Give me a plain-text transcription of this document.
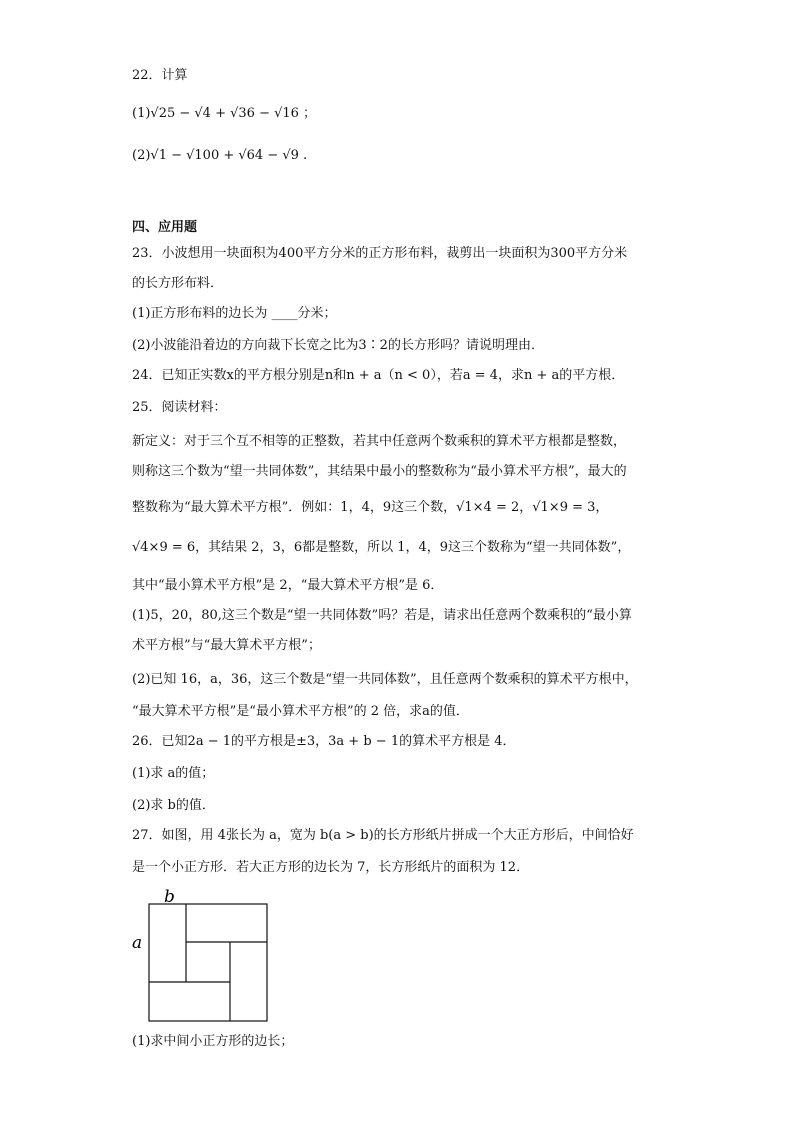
22．计算
(1)√25 − √4 + √36 − √16 ；
(2)√1 − √100 + √64 − √9 .
四、应用题
23．小波想用一块面积为400平方分米的正方形布料，裁剪出一块面积为300平方分米
的长方形布料．
(1)正方形布料的边长为 ____分米；
(2)小波能沿着边的方向裁下长宽之比为3∶2的长方形吗？请说明理由．
24．已知正实数x的平方根分别是n和n + a（n < 0），若a = 4，求n + a的平方根．
25．阅读材料：
新定义：对于三个互不相等的正整数，若其中任意两个数乘积的算术平方根都是整数，
则称这三个数为“望一共同体数”，其结果中最小的整数称为“最小算术平方根”，最大的
整数称为“最大算术平方根”．例如：1，4，9这三个数，√1×4 = 2，√1×9 = 3，
√4×9 = 6，其结果 2，3，6都是整数，所以 1，4，9这三个数称为“望一共同体数”，
其中“最小算术平方根”是 2，“最大算术平方根”是 6．
(1)5，20，80,这三个数是“望一共同体数”吗？若是，请求出任意两个数乘积的“最小算
术平方根”与“最大算术平方根”；
(2)已知 16，a，36，这三个数是“望一共同体数”，且任意两个数乘积的算术平方根中，
“最大算术平方根”是“最小算术平方根”的 2 倍，求a的值．
26．已知2a − 1的平方根是±3，3a + b − 1的算术平方根是 4．
(1)求 a的值；
(2)求 b的值．
27．如图，用 4张长为 a，宽为 b(a > b)的长方形纸片拼成一个大正方形后，中间恰好
是一个小正方形．若大正方形的边长为 7，长方形纸片的面积为 12．
b
a
(1)求中间小正方形的边长；
